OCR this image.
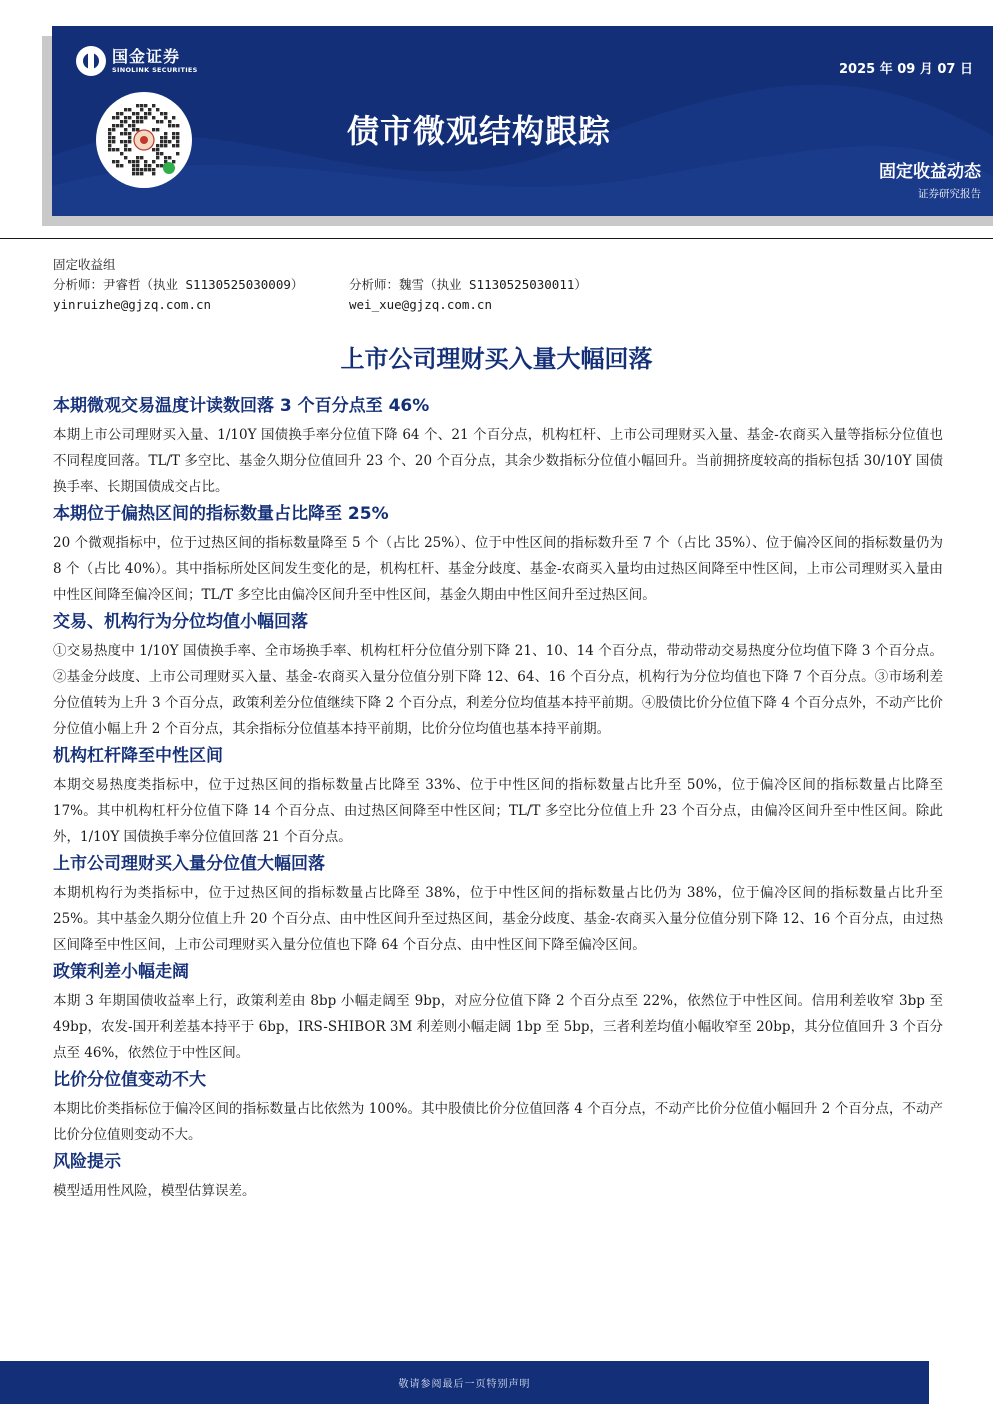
国金证券
SINOLINK SECURITIES	2025 年 09 月 07 日
债市微观结构跟踪
固定收益动态
证券研究报告
固定收益组
分析师：尹睿哲（执业 S1130525030009）	分析师：魏雪（执业 S1130525030011）
yinruizhe@gjzq.com.cn	wei_xue@gjzq.com.cn
上市公司理财买入量大幅回落
本期微观交易温度计读数回落 3 个百分点至 46%
本期上市公司理财买入量、1/10Y 国债换手率分位值下降 64 个、21 个百分点，机构杠杆、上市公司理财买入量、基金-农商买入量等指标分位值也不同程度回落。TL/T 多空比、基金久期分位值回升 23 个、20 个百分点，其余少数指标分位值小幅回升。当前拥挤度较高的指标包括 30/10Y 国债换手率、长期国债成交占比。
本期位于偏热区间的指标数量占比降至 25%
20 个微观指标中，位于过热区间的指标数量降至 5 个（占比 25%）、位于中性区间的指标数升至 7 个（占比 35%）、位于偏冷区间的指标数量仍为 8 个（占比 40%）。其中指标所处区间发生变化的是，机构杠杆、基金分歧度、基金-农商买入量均由过热区间降至中性区间，上市公司理财买入量由中性区间降至偏冷区间；TL/T 多空比由偏冷区间升至中性区间，基金久期由中性区间升至过热区间。
交易、机构行为分位均值小幅回落
①交易热度中 1/10Y 国债换手率、全市场换手率、机构杠杆分位值分别下降 21、10、14 个百分点，带动带动交易热度分位均值下降 3 个百分点。②基金分歧度、上市公司理财买入量、基金-农商买入量分位值分别下降 12、64、16 个百分点，机构行为分位均值也下降 7 个百分点。③市场利差分位值转为上升 3 个百分点，政策利差分位值继续下降 2 个百分点，利差分位均值基本持平前期。④股债比价分位值下降 4 个百分点外，不动产比价分位值小幅上升 2 个百分点，其余指标分位值基本持平前期，比价分位均值也基本持平前期。
机构杠杆降至中性区间
本期交易热度类指标中，位于过热区间的指标数量占比降至 33%、位于中性区间的指标数量占比升至 50%，位于偏冷区间的指标数量占比降至 17%。其中机构杠杆分位值下降 14 个百分点、由过热区间降至中性区间；TL/T 多空比分位值上升 23 个百分点，由偏冷区间升至中性区间。除此外，1/10Y 国债换手率分位值回落 21 个百分点。
上市公司理财买入量分位值大幅回落
本期机构行为类指标中，位于过热区间的指标数量占比降至 38%，位于中性区间的指标数量占比仍为 38%，位于偏冷区间的指标数量占比升至 25%。其中基金久期分位值上升 20 个百分点、由中性区间升至过热区间，基金分歧度、基金-农商买入量分位值分别下降 12、16 个百分点，由过热区间降至中性区间，上市公司理财买入量分位值也下降 64 个百分点、由中性区间下降至偏冷区间。
政策利差小幅走阔
本期 3 年期国债收益率上行，政策利差由 8bp 小幅走阔至 9bp，对应分位值下降 2 个百分点至 22%，依然位于中性区间。信用利差收窄 3bp 至 49bp，农发-国开利差基本持平于 6bp，IRS-SHIBOR 3M 利差则小幅走阔 1bp 至 5bp，三者利差均值小幅收窄至 20bp，其分位值回升 3 个百分点至 46%，依然位于中性区间。
比价分位值变动不大
本期比价类指标位于偏冷区间的指标数量占比依然为 100%。其中股债比价分位值回落 4 个百分点，不动产比价分位值小幅回升 2 个百分点，不动产比价分位值则变动不大。
风险提示
模型适用性风险，模型估算误差。
敬请参阅最后一页特别声明
